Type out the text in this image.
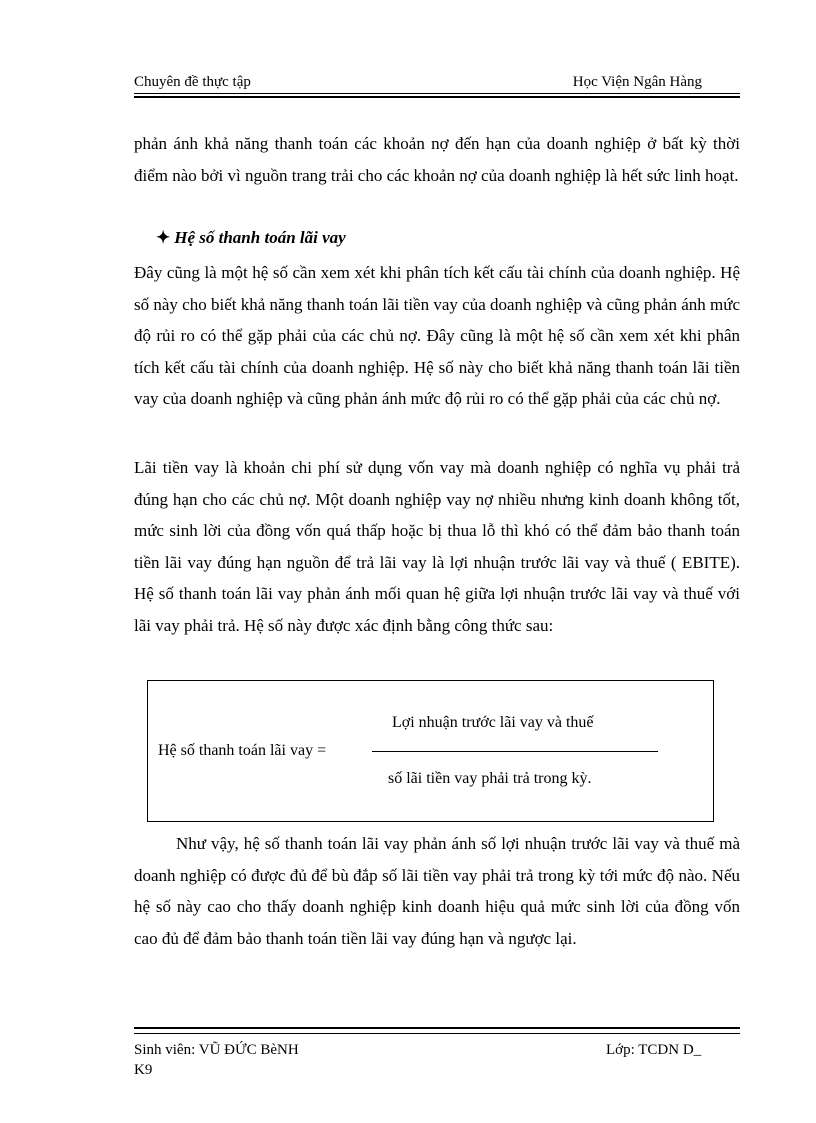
Chuyên đề thực tập	Học Viện Ngân Hàng
phản ánh khả năng thanh toán các khoản nợ đến hạn của doanh nghiệp ở bất kỳ thời điểm nào bởi vì nguồn trang trải cho các khoản nợ của doanh nghiệp là hết sức linh hoạt.
✦ Hệ số thanh toán lãi vay
Đây cũng là một hệ số cần xem xét khi phân tích kết cấu tài chính của doanh nghiệp. Hệ số này cho biết khả năng thanh toán lãi tiền vay của doanh nghiệp và cũng phản ánh mức độ rủi ro có thể gặp phải của các chủ nợ. Đây cũng là một hệ số cần xem xét khi phân tích kết cấu tài chính của doanh nghiệp. Hệ số này cho biết khả năng thanh toán lãi tiền vay của doanh nghiệp và cũng phản ánh mức độ rủi ro có thể gặp phải của các chủ nợ.
Lãi tiền vay là khoản chi phí sử dụng vốn vay mà doanh nghiệp có nghĩa vụ phải trả đúng hạn cho các chủ nợ. Một doanh nghiệp vay nợ nhiều nhưng kinh doanh không tốt, mức sinh lời của đồng vốn quá thấp hoặc bị thua lỗ thì khó có thể đảm bảo thanh toán tiền lãi vay đúng hạn nguồn để trả lãi vay là lợi nhuận trước lãi vay và thuế ( EBITE). Hệ số thanh toán lãi vay phản ánh mối quan hệ giữa lợi nhuận trước lãi vay và thuế với lãi vay phải trả. Hệ số này được xác định bằng công thức sau:
Hệ số thanh toán lãi vay =
Lợi nhuận trước lãi vay và thuế
số lãi tiền vay phải trả trong kỳ.
Như vậy, hệ số thanh toán lãi vay phản ánh số lợi nhuận trước lãi vay và thuế mà doanh nghiệp có được đủ để bù đắp số lãi tiền vay phải trả trong kỳ tới mức độ nào. Nếu hệ số này cao cho thấy doanh nghiệp kinh doanh hiệu quả mức sinh lời của đồng vốn cao đủ để đảm bảo thanh toán tiền lãi vay đúng hạn và ngược lại.
Sinh viên: VŨ ĐỨC BèNH	Lớp: TCDN D_
K9
